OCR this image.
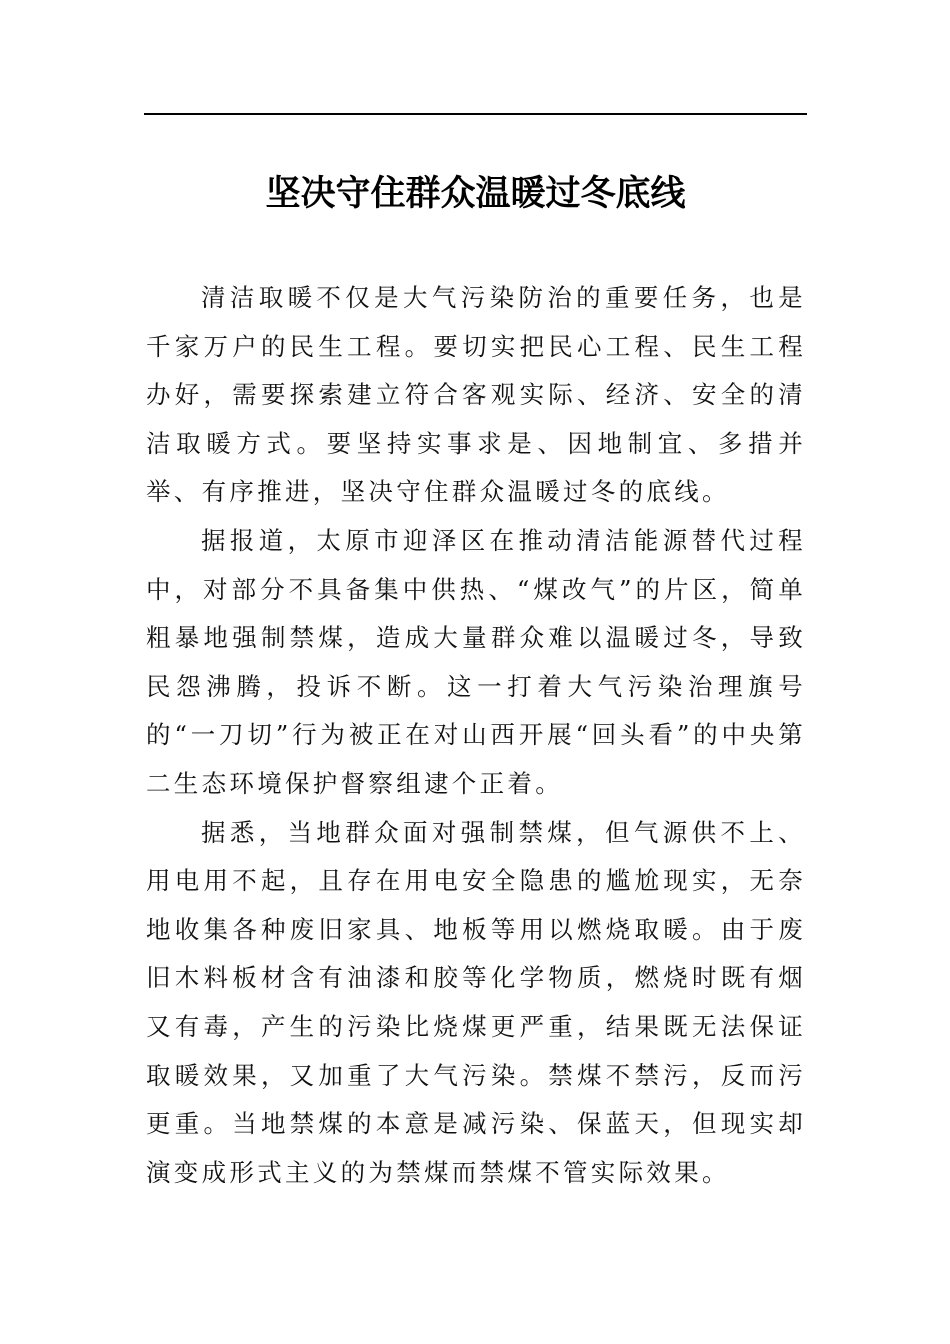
坚决守住群众温暖过冬底线

清洁取暖不仅是大气污染防治的重要任务，也是千家万户的民生工程。要切实把民心工程、民生工程办好，需要探索建立符合客观实际、经济、安全的清洁取暖方式。要坚持实事求是、因地制宜、多措并举、有序推进，坚决守住群众温暖过冬的底线。

据报道，太原市迎泽区在推动清洁能源替代过程中，对部分不具备集中供热、“煤改气”的片区，简单粗暴地强制禁煤，造成大量群众难以温暖过冬，导致民怨沸腾，投诉不断。这一打着大气污染治理旗号的“一刀切”行为被正在对山西开展“回头看”的中央第二生态环境保护督察组逮个正着。

据悉，当地群众面对强制禁煤，但气源供不上、用电用不起，且存在用电安全隐患的尴尬现实，无奈地收集各种废旧家具、地板等用以燃烧取暖。由于废旧木料板材含有油漆和胶等化学物质，燃烧时既有烟又有毒，产生的污染比烧煤更严重，结果既无法保证取暖效果，又加重了大气污染。禁煤不禁污，反而污更重。当地禁煤的本意是减污染、保蓝天，但现实却演变成形式主义的为禁煤而禁煤不管实际效果。
